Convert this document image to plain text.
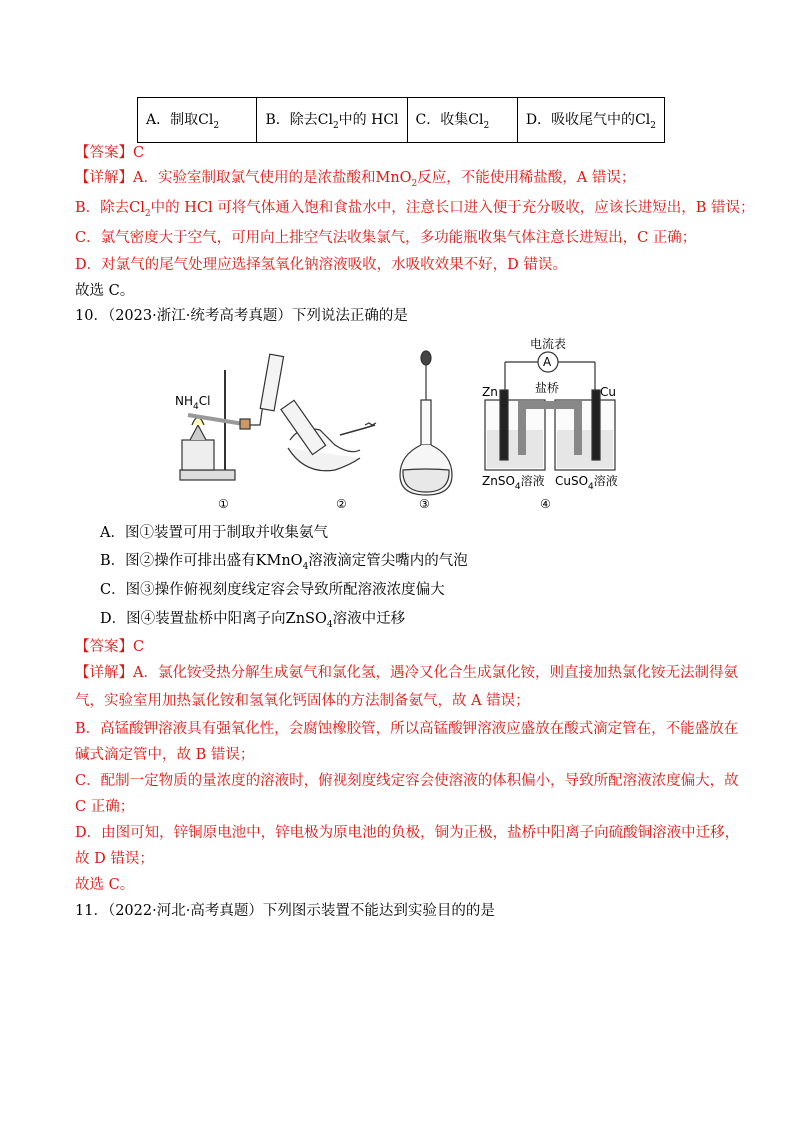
A．制取$Cl_2$	B．除去$Cl_2$中的 HCl	C．收集$Cl_2$	D．吸收尾气中的$Cl_2$
【答案】C
【详解】A．实验室制取氯气使用的是浓盐酸和MnO$_2$反应，不能使用稀盐酸，A 错误；
B．除去$Cl_2$中的 HCl 可将气体通入饱和食盐水中，注意长口进入便于充分吸收，应该长进短出，B 错误；
C．氯气密度大于空气，可用向上排空气法收集氯气，多功能瓶收集气体注意长进短出，C 正确；
D．对氯气的尾气处理应选择氢氧化钠溶液吸收，水吸收效果不好，D 错误。
故选 C。
10．（2023·浙江·统考高考真题）下列说法正确的是
$NH_4Cl$
①	②	③
电流表
A
盐桥
Zn	Cu
ZnSO$_4$溶液 CuSO$_4$溶液
④
A．图①装置可用于制取并收集氨气
B．图②操作可排出盛有KMnO$_4$溶液滴定管尖嘴内的气泡
C．图③操作俯视刻度线定容会导致所配溶液浓度偏大
D．图④装置盐桥中阳离子向ZnSO$_4$溶液中迁移
【答案】C
【详解】A．氯化铵受热分解生成氨气和氯化氢，遇冷又化合生成氯化铵，则直接加热氯化铵无法制得氨
气，实验室用加热氯化铵和氢氧化钙固体的方法制备氨气，故 A 错误；
B．高锰酸钾溶液具有强氧化性，会腐蚀橡胶管，所以高锰酸钾溶液应盛放在酸式滴定管在，不能盛放在
碱式滴定管中，故 B 错误；
C．配制一定物质的量浓度的溶液时，俯视刻度线定容会使溶液的体积偏小，导致所配溶液浓度偏大，故
C 正确；
D．由图可知，锌铜原电池中，锌电极为原电池的负极，铜为正极，盐桥中阳离子向硫酸铜溶液中迁移，
故 D 错误；
故选 C。
11．（2022·河北·高考真题）下列图示装置不能达到实验目的的是
